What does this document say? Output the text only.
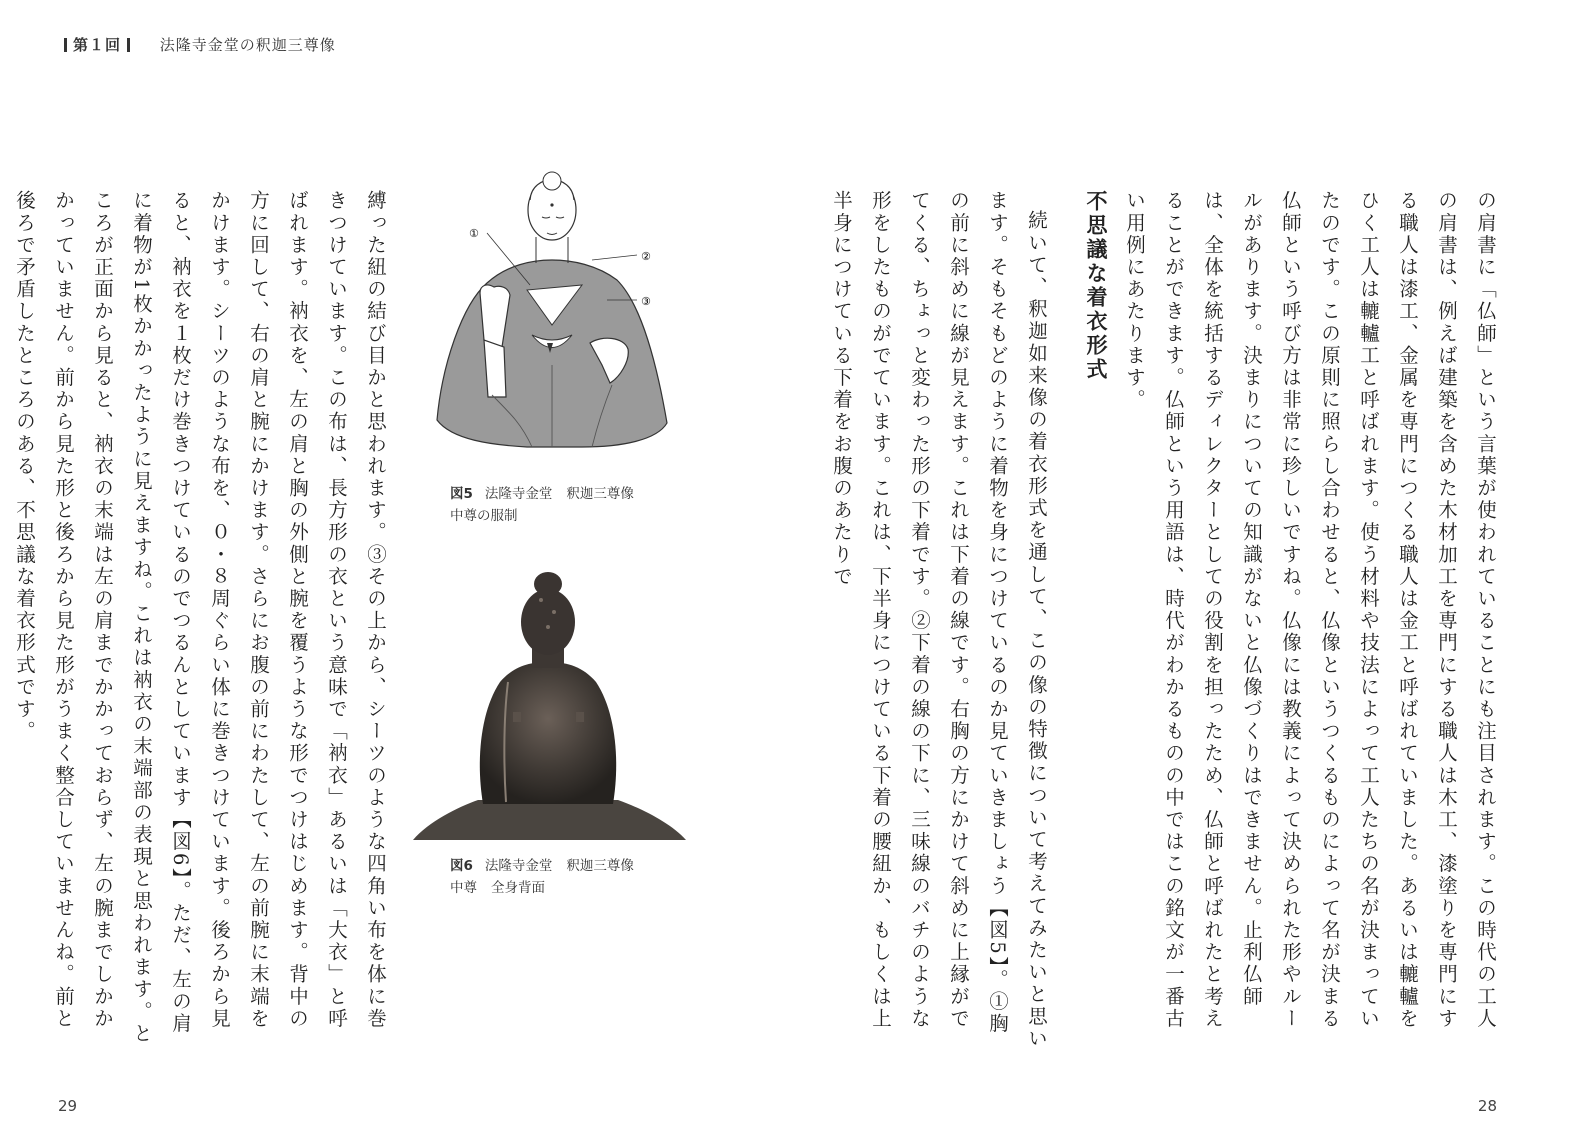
第１回	法隆寺金堂の釈迦三尊像

の肩書に「仏師」という言葉が使われていることにも注目されます。この時代の工人の肩書は、例えば建築を含めた木材加工を専門にする職人は木工、漆塗りを専門にする職人は漆工、金属を専門につくる職人は金工と呼ばれていました。あるいは轆轤をひく工人は轆轤工と呼ばれます。使う材料や技法によって工人たちの名が決まっていたのです。この原則に照らし合わせると、仏像というつくるものによって名が決まる仏師という呼び方は非常に珍しいですね。仏像には教義によって決められた形やルールがあります。決まりについての知識がないと仏像づくりはできません。止利仏師は、全体を統括するディレクターとしての役割を担ったため、仏師と呼ばれたと考えることができます。仏師という用語は、時代がわかるものの中ではこの銘文が一番古い用例にあたります。

不思議な着衣形式

続いて、釈迦如来像の着衣形式を通して、この像の特徴について考えてみたいと思います。そもそもどのように着物を身につけているのか見ていきましょう【図5】。①胸の前に斜めに線が見えます。これは下着の線です。右胸の方にかけて斜めに上縁がでてくる、ちょっと変わった形の下着です。②下着の線の下に、三味線のバチのような形をしたものがでています。これは、下半身につけている下着の腰紐か、もしくは上半身につけている下着をお腹のあたりで

縛った紐の結び目かと思われます。③その上から、シーツのような四角い布を体に巻きつけています。この布は、長方形の衣という意味で「衲衣」あるいは「大衣」と呼ばれます。衲衣を、左の肩と胸の外側と腕を覆うような形でつけはじめます。背中の方に回して、右の肩と腕にかけます。さらにお腹の前にわたして、左の前腕に末端をかけます。シーツのような布を、０・８周ぐらい体に巻きつけています。後ろから見ると、衲衣を１枚だけ巻きつけているのでつるんとしています【図6】。ただ、左の肩に着物が1枚かかったように見えますね。これは衲衣の末端部の表現と思われます。ところが正面から見ると、衲衣の末端は左の肩までかかっておらず、左の腕までしかかかっていません。前から見た形と後ろから見た形がうまく整合していませんね。前と後ろで矛盾したところのある、不思議な着衣形式です。	①
②
③
図5 法隆寺金堂 釈迦三尊像
中尊の服制
図6 法隆寺金堂 釈迦三尊像
中尊 全身背面
29	28
